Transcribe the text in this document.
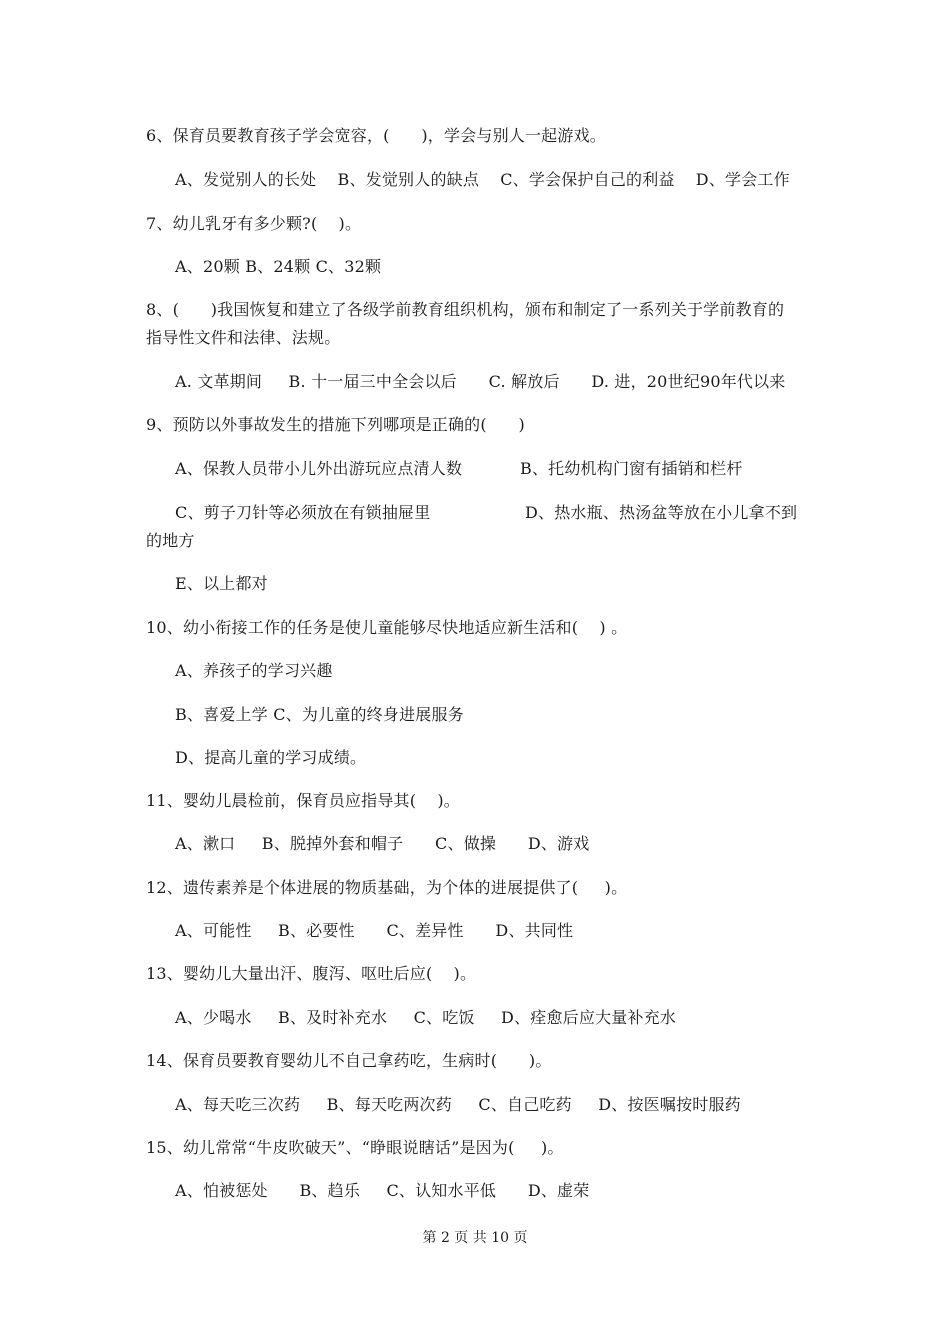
6、保育员要教育孩子学会宽容，(      )，学会与别人一起游戏。
A、发觉别人的长处    B、发觉别人的缺点    C、学会保护自己的利益    D、学会工作
7、幼儿乳牙有多少颗?(    )。
A、20颗 B、24颗 C、32颗
8、(      )我国恢复和建立了各级学前教育组织机构，颁布和制定了一系列关于学前教育的
指导性文件和法律、法规。
A. 文革期间     B. 十一届三中全会以后      C. 解放后      D. 进，20世纪90年代以来
9、预防以外事故发生的措施下列哪项是正确的(      )
A、保教人员带小儿外出游玩应点清人数	B、托幼机构门窗有插销和栏杆
C、剪子刀针等必须放在有锁抽屉里	D、热水瓶、热汤盆等放在小儿拿不到
的地方
E、以上都对
10、幼小衔接工作的任务是使儿童能够尽快地适应新生活和(    ) 。
A、养孩子的学习兴趣
B、喜爱上学 C、为儿童的终身进展服务
D、提高儿童的学习成绩。
11、婴幼儿晨检前，保育员应指导其(    )。
A、漱口     B、脱掉外套和帽子      C、做操      D、游戏
12、遗传素养是个体进展的物质基础，为个体的进展提供了(     )。
A、可能性     B、必要性      C、差异性      D、共同性
13、婴幼儿大量出汗、腹泻、呕吐后应(    )。
A、少喝水     B、及时补充水     C、吃饭     D、痊愈后应大量补充水
14、保育员要教育婴幼儿不自己拿药吃，生病时(      )。
A、每天吃三次药     B、每天吃两次药     C、自己吃药     D、按医嘱按时服药
15、幼儿常常“牛皮吹破天”、“睁眼说瞎话”是因为(     )。
A、怕被惩处      B、趋乐     C、认知水平低      D、虚荣
第 2 页 共 10 页
